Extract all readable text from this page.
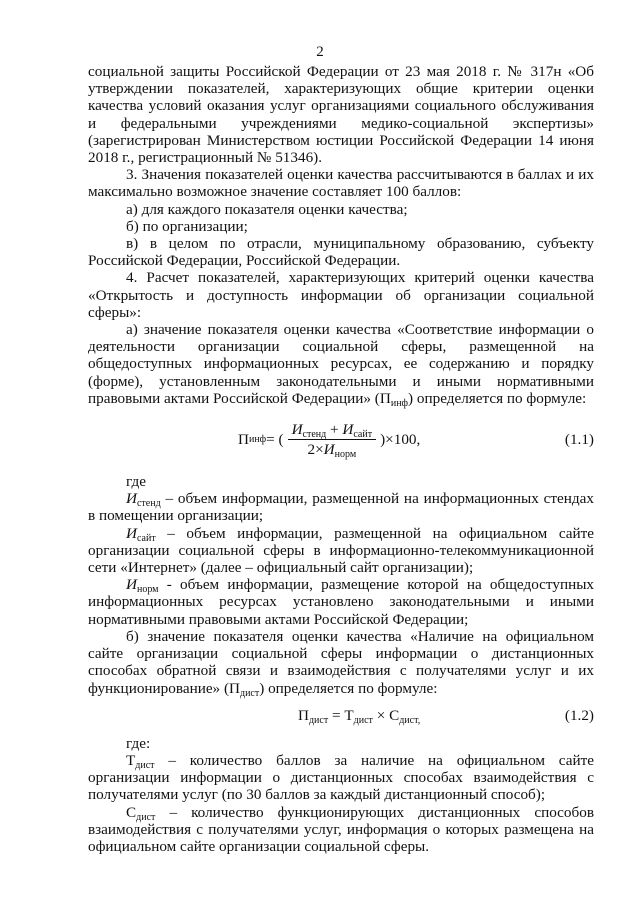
2

социальной защиты Российской Федерации от 23 мая 2018 г. № 317н «Об утверждении показателей, характеризующих общие критерии оценки качества условий оказания услуг организациями социального обслуживания и федеральными учреждениями медико-социальной экспертизы» (зарегистрирован Министерством юстиции Российской Федерации 14 июня 2018 г., регистрационный № 51346).

3. Значения показателей оценки качества рассчитываются в баллах и их максимально возможное значение составляет 100 баллов:

а) для каждого показателя оценки качества;

б) по организации;

в) в целом по отрасли, муниципальному образованию, субъекту Российской Федерации, Российской Федерации.

4. Расчет показателей, характеризующих критерий оценки качества «Открытость и доступность информации об организации социальной сферы»:

а) значение показателя оценки качества «Соответствие информации о деятельности организации социальной сферы, размещенной на общедоступных информационных ресурсах, ее содержанию и порядку (форме), установленным законодательными и иными нормативными правовыми актами Российской Федерации» $(П_{инф})$ определяется по формуле:

П инф = ( $\frac{И_{стенд} + И_{сайт}}{2\times И_{норм}} )\times 100$,	(1.1)

где

$И_{стенд}$ – объем информации, размещенной на информационных стендах в помещении организации;

$И_{сайт}$ – объем информации, размещенной на официальном сайте организации социальной сферы в информационно-телекоммуникационной сети «Интернет» (далее – официальный сайт организации);

$И_{норм}$ - объем информации, размещение которой на общедоступных информационных ресурсах установлено законодательными и иными нормативными правовыми актами Российской Федерации;

б) значение показателя оценки качества «Наличие на официальном сайте организации социальной сферы информации о дистанционных способах обратной связи и взаимодействия с получателями услуг и их функционирование» $(П_{дист})$ определяется по формуле:

$П_{дист} = Т_{дист} \times С_{дист,}$	(1.2)

где:

$Т_{дист}$ – количество баллов за наличие на официальном сайте организации информации о дистанционных способах взаимодействия с получателями услуг (по 30 баллов за каждый дистанционный способ);

$С_{дист}$ – количество функционирующих дистанционных способов взаимодействия с получателями услуг, информация о которых размещена на официальном сайте организации социальной сферы.
